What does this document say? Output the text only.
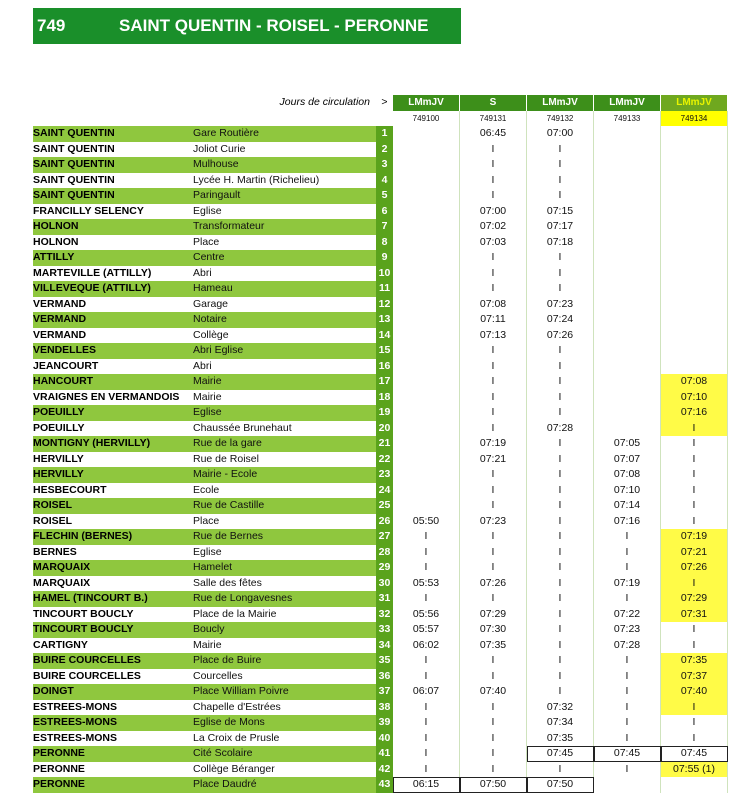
749	SAINT QUENTIN - ROISEL - PERONNE
Jours de circulation		>	LMmJV	S	LMmJV	LMmJV	LMmJV
			749100	749131	749132	749133	749134
SAINT QUENTIN	Gare Routière	1		06:45	07:00		
SAINT QUENTIN	Joliot Curie	2		I	I		
SAINT QUENTIN	Mulhouse	3		I	I		
SAINT QUENTIN	Lycée H. Martin (Richelieu)	4		I	I		
SAINT QUENTIN	Paringault	5		I	I		
FRANCILLY SELENCY	Eglise	6		07:00	07:15		
HOLNON	Transformateur	7		07:02	07:17		
HOLNON	Place	8		07:03	07:18		
ATTILLY	Centre	9		I	I		
MARTEVILLE (ATTILLY)	Abri	10		I	I		
VILLEVEQUE (ATTILLY)	Hameau	11		I	I		
VERMAND	Garage	12		07:08	07:23		
VERMAND	Notaire	13		07:11	07:24		
VERMAND	Collège	14		07:13	07:26		
VENDELLES	Abri Eglise	15		I	I		
JEANCOURT	Abri	16		I	I		
HANCOURT	Mairie	17		I	I		07:08
VRAIGNES EN VERMANDOIS	Mairie	18		I	I		07:10
POEUILLY	Eglise	19		I	I		07:16
POEUILLY	Chaussée Brunehaut	20		I	07:28		I
MONTIGNY (HERVILLY)	Rue de la gare	21		07:19	I	07:05	I
HERVILLY	Rue de Roisel	22		07:21	I	07:07	I
HERVILLY	Mairie - Ecole	23		I	I	07:08	I
HESBECOURT	Ecole	24		I	I	07:10	I
ROISEL	Rue de Castille	25		I	I	07:14	I
ROISEL	Place	26	05:50	07:23	I	07:16	I
FLECHIN (BERNES)	Rue de Bernes	27	I	I	I	I	07:19
BERNES	Eglise	28	I	I	I	I	07:21
MARQUAIX	Hamelet	29	I	I	I	I	07:26
MARQUAIX	Salle des fêtes	30	05:53	07:26	I	07:19	I
HAMEL (TINCOURT B.)	Rue de Longavesnes	31	I	I	I	I	07:29
TINCOURT BOUCLY	Place de la Mairie	32	05:56	07:29	I	07:22	07:31
TINCOURT BOUCLY	Boucly	33	05:57	07:30	I	07:23	I
CARTIGNY	Mairie	34	06:02	07:35	I	07:28	I
BUIRE COURCELLES	Place de Buire	35	I	I	I	I	07:35
BUIRE COURCELLES	Courcelles	36	I	I	I	I	07:37
DOINGT	Place William Poivre	37	06:07	07:40	I	I	07:40
ESTREES-MONS	Chapelle d'Estrées	38	I	I	07:32	I	I
ESTREES-MONS	Eglise de Mons	39	I	I	07:34	I	I
ESTREES-MONS	La Croix de Prusle	40	I	I	07:35	I	I
PERONNE	Cité Scolaire	41	I	I	07:45	07:45	07:45
PERONNE	Collège Béranger	42	I	I	I	I	07:55 (1)
PERONNE	Place Daudré	43	06:15	07:50	07:50		
